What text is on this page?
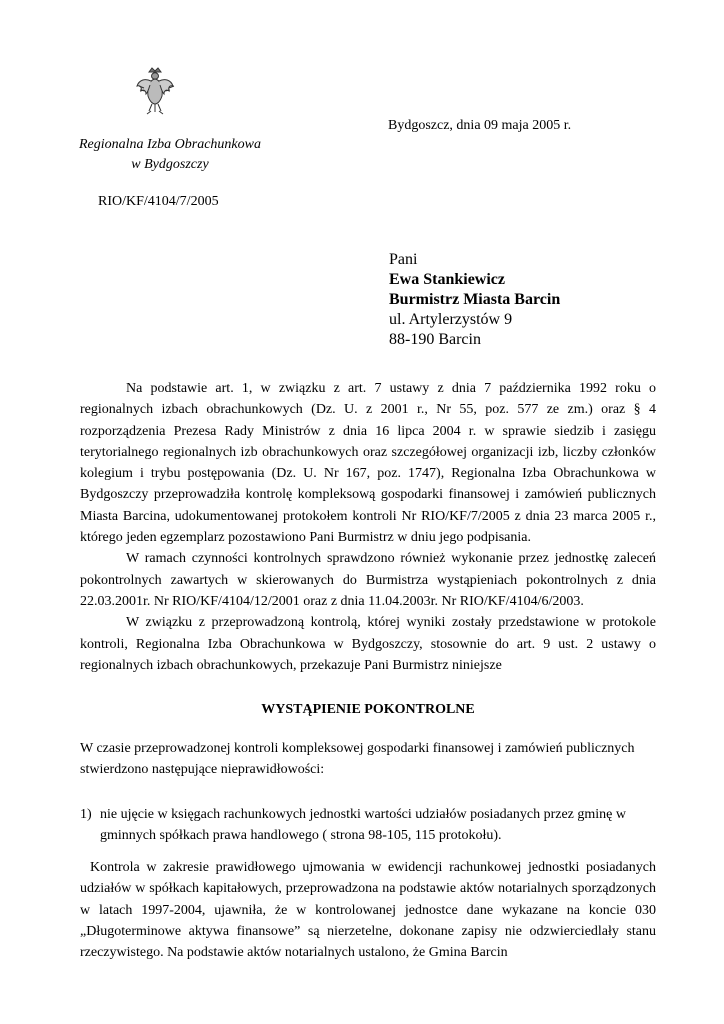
Regionalna Izba Obrachunkowa
w Bydgoszczy
RIO/KF/4104/7/2005
Bydgoszcz, dnia 09 maja 2005 r.
Pani
Ewa Stankiewicz
Burmistrz Miasta Barcin
ul. Artylerzystów 9
88-190 Barcin

Na podstawie art. 1, w związku z art. 7 ustawy z dnia 7 października 1992 roku o regionalnych izbach obrachunkowych (Dz. U. z 2001 r., Nr 55, poz. 577 ze zm.) oraz § 4 rozporządzenia Prezesa Rady Ministrów z dnia 16 lipca 2004 r. w sprawie siedzib i zasięgu terytorialnego regionalnych izb obrachunkowych oraz szczegółowej organizacji izb, liczby członków kolegium i trybu postępowania (Dz. U. Nr 167, poz. 1747), Regionalna Izba Obrachunkowa w Bydgoszczy przeprowadziła kontrolę kompleksową gospodarki finansowej i zamówień publicznych Miasta Barcina, udokumentowanej protokołem kontroli Nr RIO/KF/7/2005 z dnia 23 marca 2005 r., którego jeden egzemplarz pozostawiono Pani Burmistrz w dniu jego podpisania.

W ramach czynności kontrolnych sprawdzono również wykonanie przez jednostkę zaleceń pokontrolnych zawartych w skierowanych do Burmistrza wystąpieniach pokontrolnych z dnia 22.03.2001r. Nr RIO/KF/4104/12/2001 oraz z dnia 11.04.2003r. Nr RIO/KF/4104/6/2003.

W związku z przeprowadzoną kontrolą, której wyniki zostały przedstawione w protokole kontroli, Regionalna Izba Obrachunkowa w Bydgoszczy, stosownie do art. 9 ust. 2 ustawy o regionalnych izbach obrachunkowych, przekazuje Pani Burmistrz niniejsze

WYSTĄPIENIE POKONTROLNE
W czasie przeprowadzonej kontroli kompleksowej gospodarki finansowej i zamówień publicznych stwierdzono następujące nieprawidłowości:
1) nie ujęcie w księgach rachunkowych jednostki wartości udziałów posiadanych przez gminę w gminnych spółkach prawa handlowego ( strona 98-105, 115 protokołu).

Kontrola w zakresie prawidłowego ujmowania w ewidencji rachunkowej jednostki posiadanych udziałów w spółkach kapitałowych, przeprowadzona na podstawie aktów notarialnych sporządzonych w latach 1997-2004, ujawniła, że w kontrolowanej jednostce dane wykazane na koncie 030 „Długoterminowe aktywa finansowe” są nierzetelne, dokonane zapisy nie odzwierciedlały stanu rzeczywistego. Na podstawie aktów notarialnych ustalono, że Gmina Barcin
